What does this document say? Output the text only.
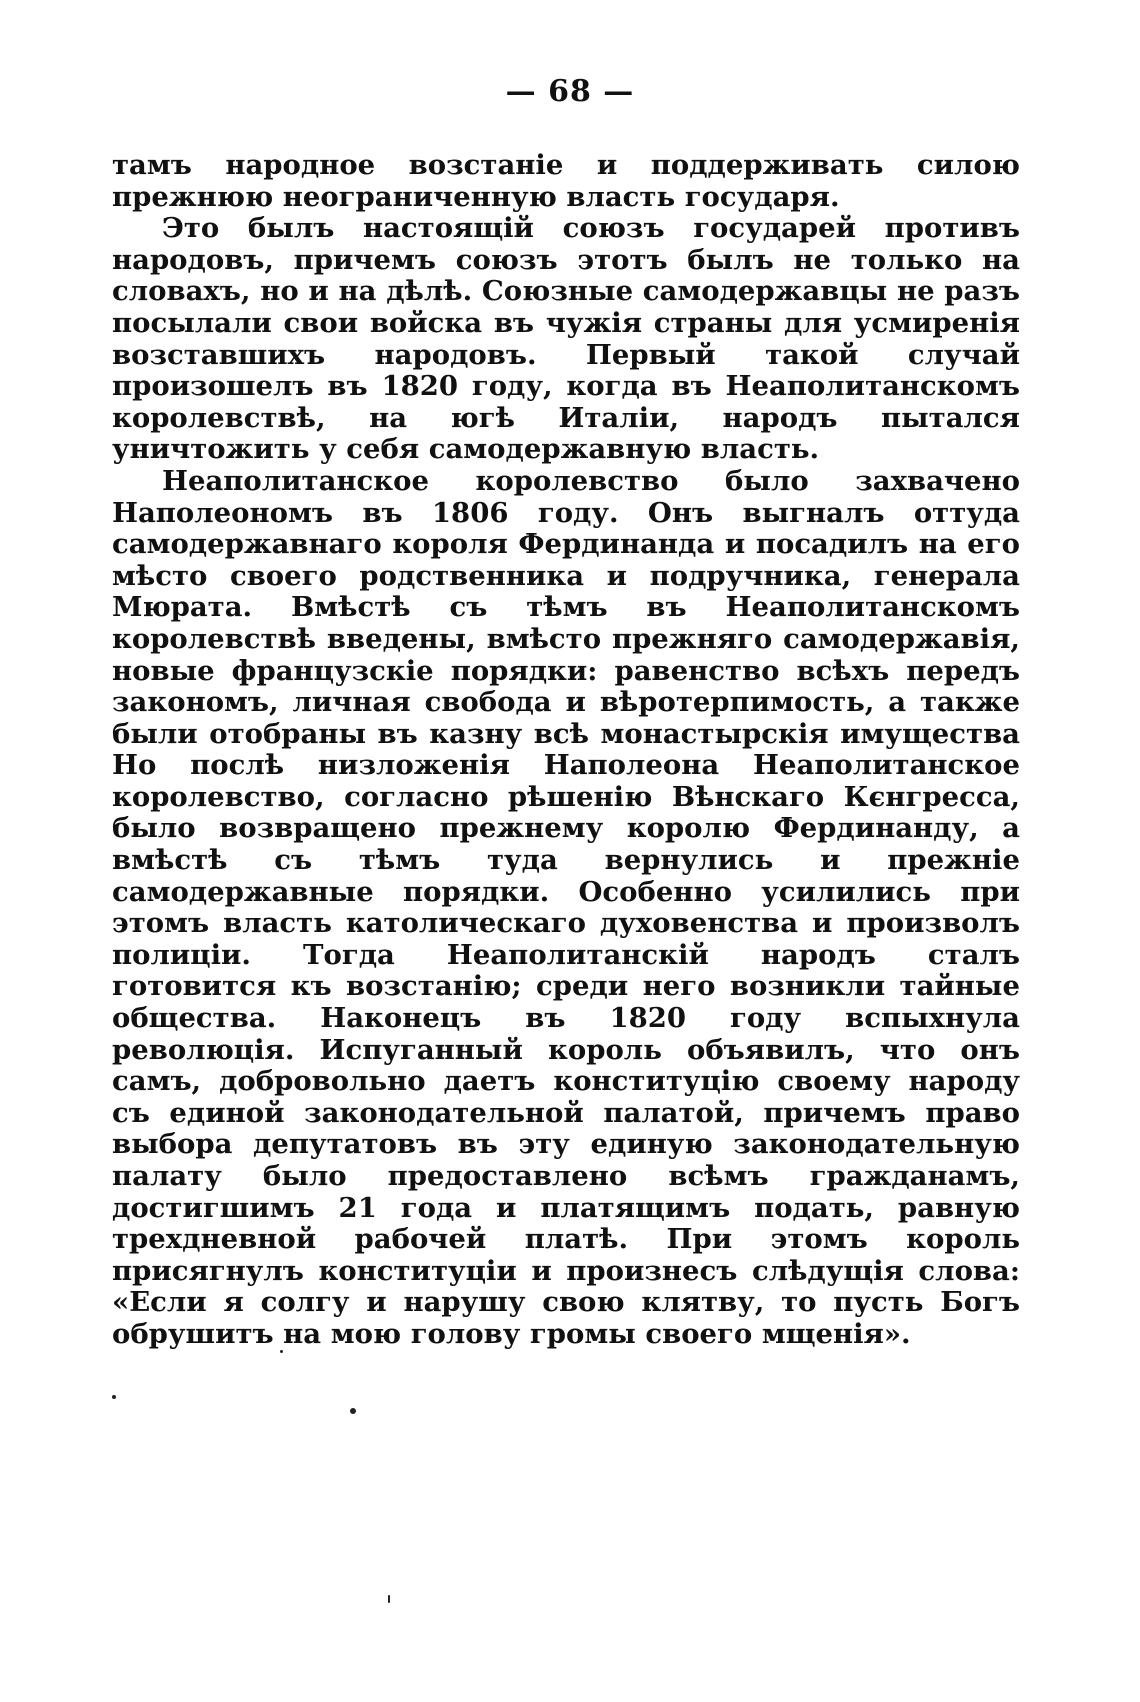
— 68 —

тамъ народное возстаніе и поддерживать силою прежнюю неограниченную власть государя.

Это былъ настоящій союзъ государей противъ народовъ, причемъ союзъ этотъ былъ не только на словахъ, но и на дѣлѣ. Союзные самодержавцы не разъ посылали свои войска въ чужія страны для усмиренія возставшихъ народовъ. Первый такой случай произошелъ въ 1820 году, когда въ Неаполитанскомъ королевствѣ, на югѣ Италіи, народъ пытался уничтожить у себя самодержавную власть.

Неаполитанское королевство было захвачено Наполеономъ въ 1806 году. Онъ выгналъ оттуда самодержавнаго короля Фердинанда и посадилъ на его мѣсто своего родственника и подручника, генерала Мюрата. Вмѣстѣ съ тѣмъ въ Неаполитанскомъ королевствѣ введены, вмѣсто прежняго самодержавія, новые французскіе порядки: равенство всѣхъ передъ закономъ, личная свобода и вѣротерпимость, а также были отобраны въ казну всѣ монастырскія имущества Но послѣ низложенія Наполеона Неаполитанское королевство, согласно рѣшенію Вѣнскаго Кєнгресса, было возвращено прежнему королю Фердинанду, а вмѣстѣ съ тѣмъ туда вернулись и прежніе самодержавные порядки. Особенно усилились при этомъ власть католическаго духовенства и произволъ полиціи. Тогда Неаполитанскій народъ сталъ готовится къ возстанію; среди него возникли тайные общества. Наконецъ въ 1820 году вспыхнула революція. Испуганный король объявилъ, что онъ самъ, добровольно даетъ конституцію своему народу съ единой законодательной палатой, причемъ право выбора депутатовъ въ эту единую законодательную палату было предоставлено всѣмъ гражданамъ, достигшимъ 21 года и платящимъ подать, равную трехдневной рабочей платѣ. При этомъ король присягнулъ конституціи и произнесъ слѣдущія слова: «Если я солгу и нарушу свою клятву, то пусть Богъ обрушитъ на мою голову громы своего мщенія».
